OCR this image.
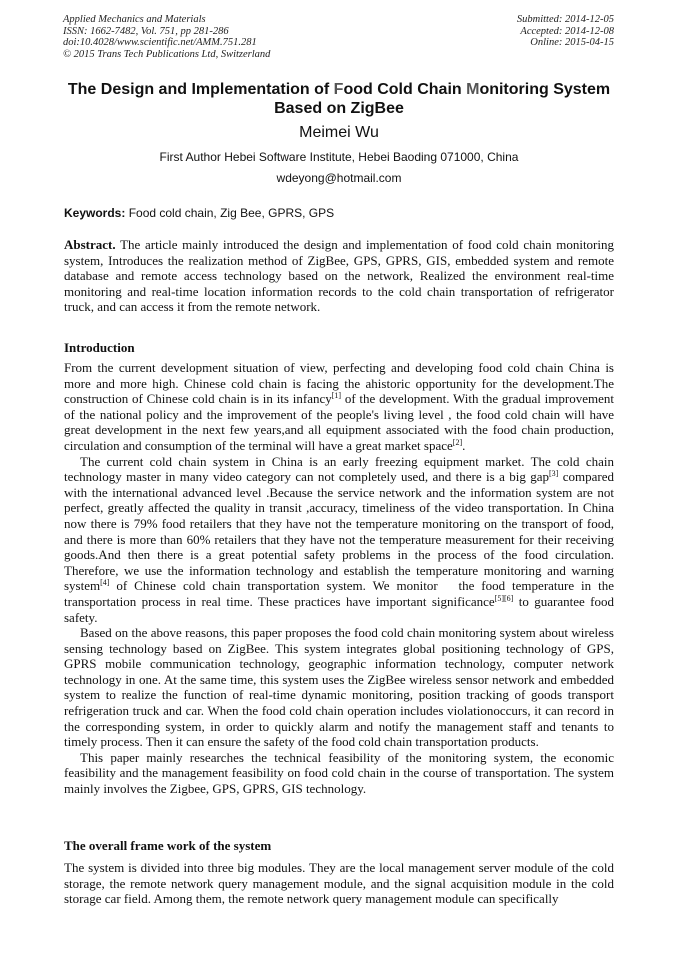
Applied Mechanics and Materials
ISSN: 1662-7482, Vol. 751, pp 281-286
doi:10.4028/www.scientific.net/AMM.751.281
© 2015 Trans Tech Publications Ltd, Switzerland
Submitted: 2014-12-05
Accepted: 2014-12-08
Online: 2015-04-15
The Design and Implementation of Food Cold Chain Monitoring System
Based on ZigBee
Meimei Wu
First Author Hebei Software Institute, Hebei Baoding 071000, China
wdeyong@hotmail.com
Keywords: Food cold chain, Zig Bee, GPRS, GPS

Abstract. The article mainly introduced the design and implementation of food cold chain monitoring system, Introduces the realization method of ZigBee, GPS, GPRS, GIS, embedded system and remote database and remote access technology based on the network, Realized the environment real-time monitoring and real-time location information records to the cold chain transportation of refrigerator truck, and can access it from the remote network.

Introduction

From the current development situation of view, perfecting and developing food cold chain China is more and more high. Chinese cold chain is facing the ahistoric opportunity for the development.The construction of Chinese cold chain is in its infancy[1] of the development. With the gradual improvement of the national policy and the improvement of the people's living level , the food cold chain will have great development in the next few years,and all equipment associated with the food chain production, circulation and consumption of the terminal will have a great market space[2].

The current cold chain system in China is an early freezing equipment market. The cold chain technology master in many video category can not completely used, and there is a big gap[3] compared with the international advanced level .Because the service network and the information system are not perfect, greatly affected the quality in transit ,accuracy, timeliness of the video transportation. In China now there is 79% food retailers that they have not the temperature monitoring on the transport of food, and there is more than 60% retailers that they have not the temperature measurement for their receiving goods.And then there is a great potential safety problems in the process of the food circulation. Therefore, we use the information technology and establish the temperature monitoring and warning system[4] of Chinese cold chain transportation system. We monitor   the food temperature in the transportation process in real time. These practices have important significance[5][6] to guarantee food safety.

Based on the above reasons, this paper proposes the food cold chain monitoring system about wireless sensing technology based on ZigBee. This system integrates global positioning technology of GPS, GPRS mobile communication technology, geographic information technology, computer network technology in one. At the same time, this system uses the ZigBee wireless sensor network and embedded system to realize the function of real-time dynamic monitoring, position tracking of goods transport refrigeration truck and car. When the food cold chain operation includes violationoccurs, it can record in the corresponding system, in order to quickly alarm and notify the management staff and tenants to timely process. Then it can ensure the safety of the food cold chain transportation products.

This paper mainly researches the technical feasibility of the monitoring system, the economic feasibility and the management feasibility on food cold chain in the course of transportation. The system mainly involves the Zigbee, GPS, GPRS, GIS technology.

The overall frame work of the system

The system is divided into three big modules. They are the local management server module of the cold storage, the remote network query management module, and the signal acquisition module in the cold storage car field. Among them, the remote network query management module can specifically
